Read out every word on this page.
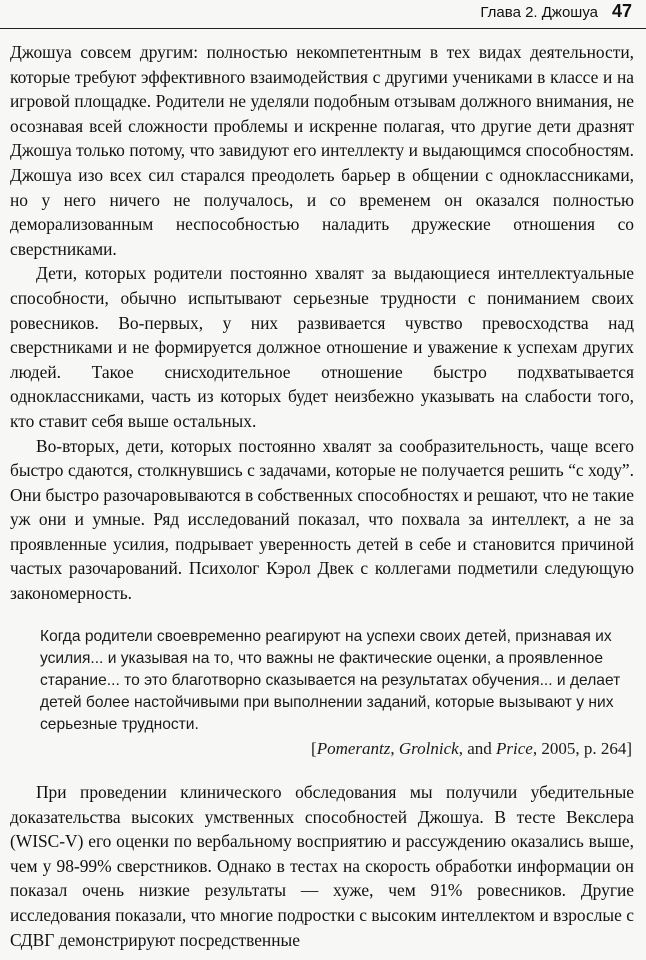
Глава 2. Джошуа 47

Джошуа совсем другим: полностью некомпетентным в тех видах деятельности, которые требуют эффективного взаимодействия с другими учениками в классе и на игровой площадке. Родители не уделяли подобным отзывам должного внимания, не осознавая всей сложности проблемы и искренне полагая, что другие дети дразнят Джошуа только потому, что завидуют его интеллекту и выдающимся способностям. Джошуа изо всех сил старался преодолеть барьер в общении с одноклассниками, но у него ничего не получалось, и со временем он оказался полностью деморализованным неспособностью наладить дружеские отношения со сверстниками.

Дети, которых родители постоянно хвалят за выдающиеся интеллектуальные способности, обычно испытывают серьезные трудности с пониманием своих ровесников. Во-первых, у них развивается чувство превосходства над сверстниками и не формируется должное отношение и уважение к успехам других людей. Такое снисходительное отношение быстро подхватывается одноклассниками, часть из которых будет неизбежно указывать на слабости того, кто ставит себя выше остальных.

Во-вторых, дети, которых постоянно хвалят за сообразительность, чаще всего быстро сдаются, столкнувшись с задачами, которые не получается решить “с ходу”. Они быстро разочаровываются в собственных способностях и решают, что не такие уж они и умные. Ряд исследований показал, что похвала за интеллект, а не за проявленные усилия, подрывает уверенность детей в себе и становится причиной частых разочарований. Психолог Кэрол Двек с коллегами подметили следующую закономерность.

Когда родители своевременно реагируют на успехи своих детей, признавая их усилия... и указывая на то, что важны не фактические оценки, а проявленное старание... то это благотворно сказывается на результатах обучения... и делает детей более настойчивыми при выполнении заданий, которые вызывают у них серьезные трудности.

[Pomerantz, Grolnick, and Price, 2005, p. 264]

При проведении клинического обследования мы получили убедительные доказательства высоких умственных способностей Джошуа. В тесте Векслера (WISC-V) его оценки по вербальному восприятию и рассуждению оказались выше, чем у 98-99% сверстников. Однако в тестах на скорость обработки информации он показал очень низкие результаты — хуже, чем 91% ровесников. Другие исследования показали, что многие подростки с высоким интеллектом и взрослые с СДВГ демонстрируют посредственные
